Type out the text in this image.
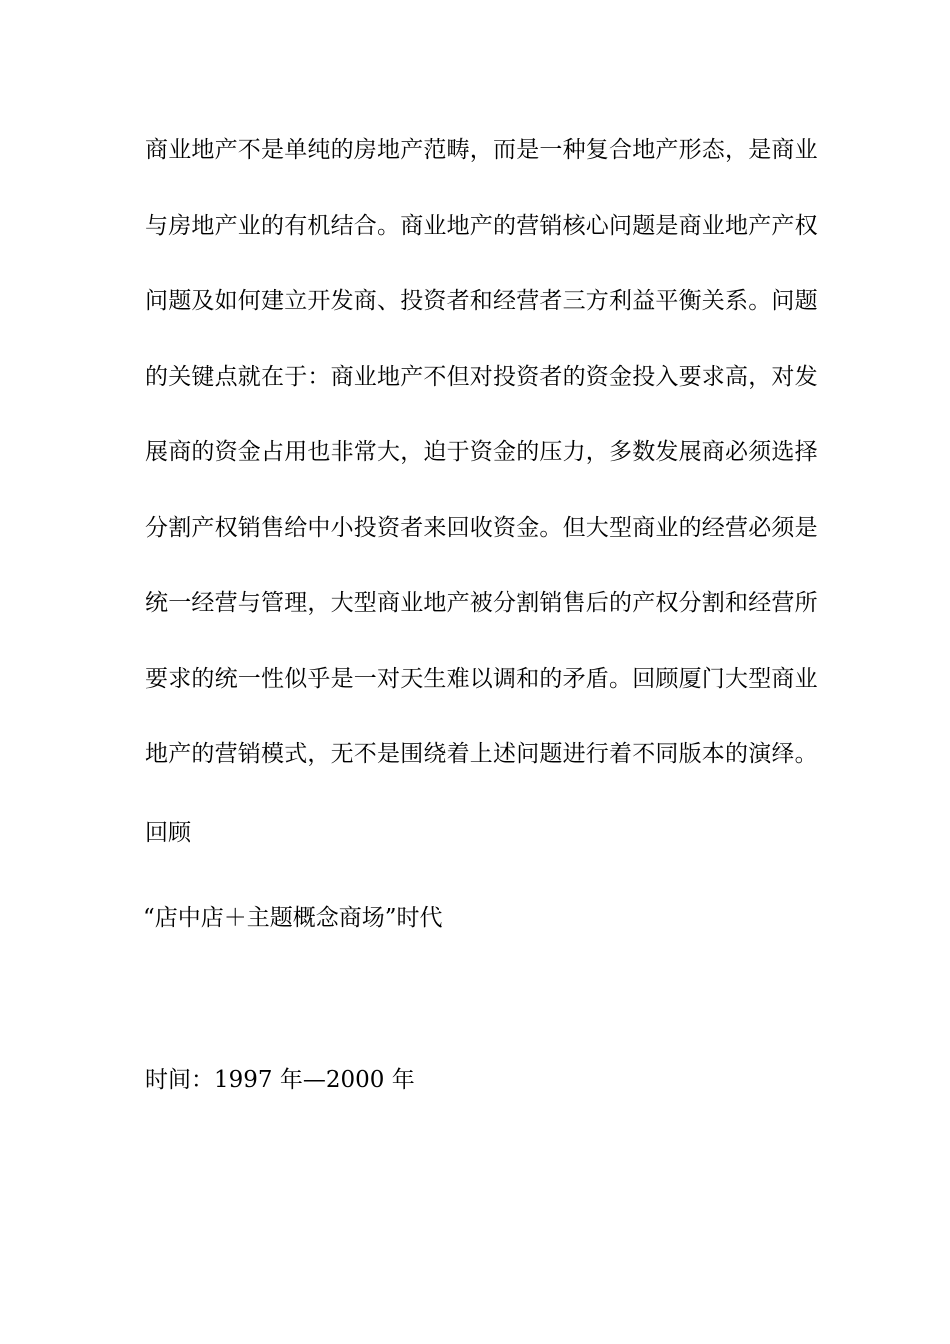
商业地产不是单纯的房地产范畴，而是一种复合地产形态，是商业
与房地产业的有机结合。商业地产的营销核心问题是商业地产产权
问题及如何建立开发商、投资者和经营者三方利益平衡关系。问题
的关键点就在于：商业地产不但对投资者的资金投入要求高，对发
展商的资金占用也非常大，迫于资金的压力，多数发展商必须选择
分割产权销售给中小投资者来回收资金。但大型商业的经营必须是
统一经营与管理，大型商业地产被分割销售后的产权分割和经营所
要求的统一性似乎是一对天生难以调和的矛盾。回顾厦门大型商业
地产的营销模式，无不是围绕着上述问题进行着不同版本的演绎。
回顾
“店中店＋主题概念商场”时代
时间：1997 年—2000 年
